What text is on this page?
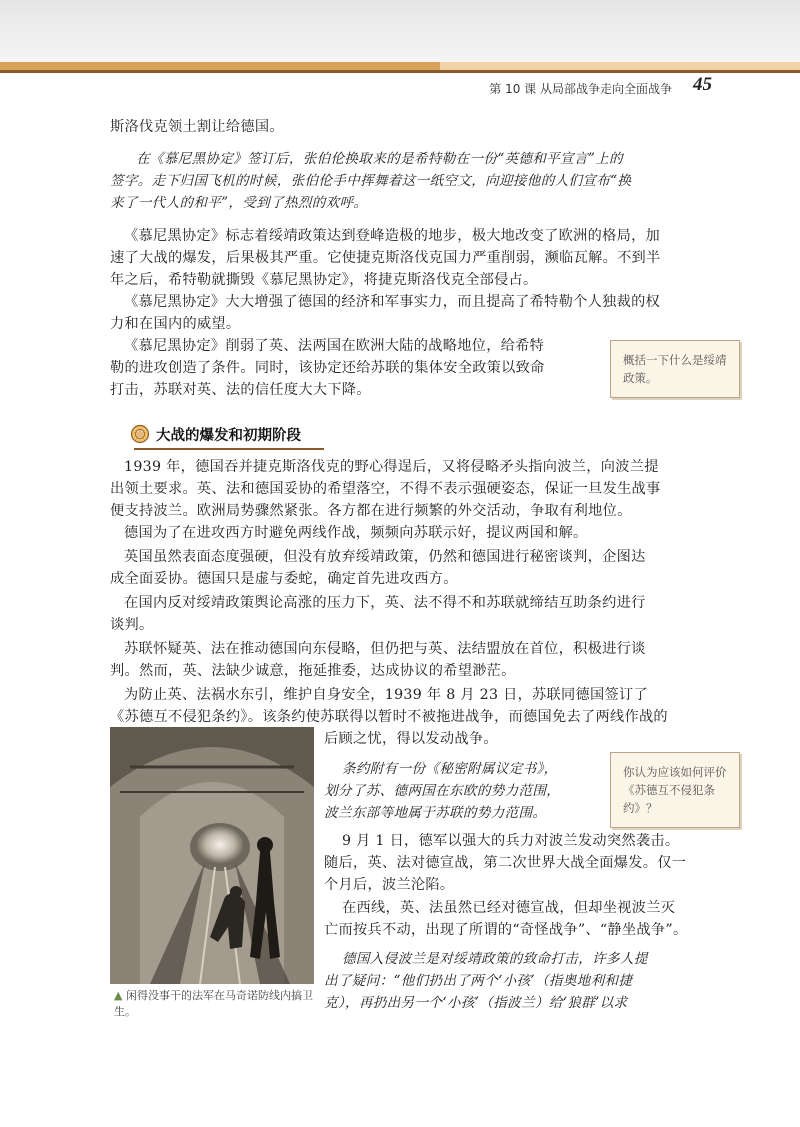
第 10 课 从局部战争走向全面战争 45

斯洛伐克领土割让给德国。

在《慕尼黑协定》签订后，张伯伦换取来的是希特勒在一份“英德和平宣言”上的

签字。走下归国飞机的时候，张伯伦手中挥舞着这一纸空文，向迎接他的人们宣布“换

来了一代人的和平”，受到了热烈的欢呼。

《慕尼黑协定》标志着绥靖政策达到登峰造极的地步，极大地改变了欧洲的格局，加

速了大战的爆发，后果极其严重。它使捷克斯洛伐克国力严重削弱，濒临瓦解。不到半

年之后，希特勒就撕毁《慕尼黑协定》，将捷克斯洛伐克全部侵占。

《慕尼黑协定》大大增强了德国的经济和军事实力，而且提高了希特勒个人独裁的权

力和在国内的威望。

《慕尼黑协定》削弱了英、法两国在欧洲大陆的战略地位，给希特

勒的进攻创造了条件。同时，该协定还给苏联的集体安全政策以致命

打击，苏联对英、法的信任度大大下降。

概括一下什么是绥靖政策。
大战的爆发和初期阶段

1939 年，德国吞并捷克斯洛伐克的野心得逞后，又将侵略矛头指向波兰，向波兰提

出领土要求。英、法和德国妥协的希望落空，不得不表示强硬姿态，保证一旦发生战事

便支持波兰。欧洲局势骤然紧张。各方都在进行频繁的外交活动，争取有利地位。

德国为了在进攻西方时避免两线作战，频频向苏联示好，提议两国和解。

英国虽然表面态度强硬，但没有放弃绥靖政策，仍然和德国进行秘密谈判，企图达

成全面妥协。德国只是虚与委蛇，确定首先进攻西方。

在国内反对绥靖政策舆论高涨的压力下，英、法不得不和苏联就缔结互助条约进行

谈判。

苏联怀疑英、法在推动德国向东侵略，但仍把与英、法结盟放在首位，积极进行谈

判。然而，英、法缺少诚意，拖延推委，达成协议的希望渺茫。

为防止英、法祸水东引，维护自身安全，1939 年 8 月 23 日，苏联同德国签订了

《苏德互不侵犯条约》。该条约使苏联得以暂时不被拖进战争，而德国免去了两线作战的

后顾之忧，得以发动战争。

▲ 闲得没事干的法军在马奇诺防线内搞卫生。

条约附有一份《秘密附属议定书》，

划分了苏、德两国在东欧的势力范围，

波兰东部等地属于苏联的势力范围。

你认为应该如何评价《苏德互不侵犯条约》？

9 月 1 日，德军以强大的兵力对波兰发动突然袭击。

随后，英、法对德宣战，第二次世界大战全面爆发。仅一

个月后，波兰沦陷。

在西线，英、法虽然已经对德宣战，但却坐视波兰灭

亡而按兵不动，出现了所谓的“奇怪战争”、“静坐战争”。

德国入侵波兰是对绥靖政策的致命打击，许多人提

出了疑问：“他们扔出了两个‘小孩’（指奥地利和捷

克），再扔出另一个‘小孩’（指波兰）给‘狼群’以求
